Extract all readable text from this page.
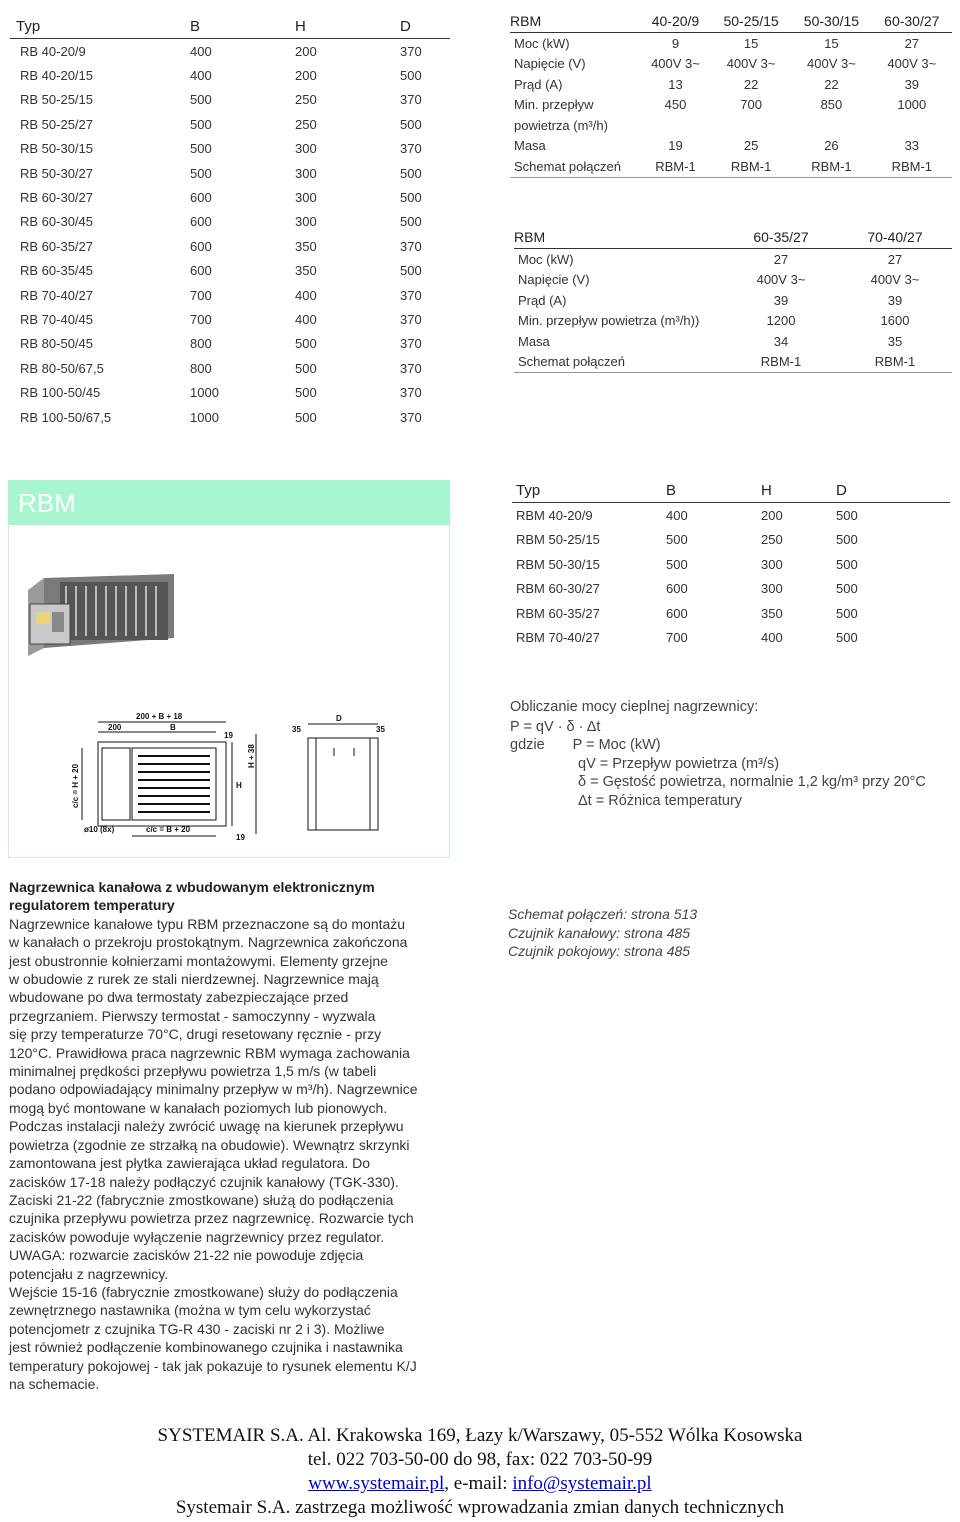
Typ	B	H	D
RB 40-20/9	400	200	370
RB 40-20/15	400	200	500
RB 50-25/15	500	250	370
RB 50-25/27	500	250	500
RB 50-30/15	500	300	370
RB 50-30/27	500	300	500
RB 60-30/27	600	300	500
RB 60-30/45	600	300	500
RB 60-35/27	600	350	370
RB 60-35/45	600	350	500
RB 70-40/27	700	400	370
RB 70-40/45	700	400	370
RB 80-50/45	800	500	370
RB 80-50/67,5	800	500	370
RB 100-50/45	1000	500	370
RB 100-50/67,5	1000	500	370
RBM	40-20/9	50-25/15	50-30/15	60-30/27
Moc (kW)	9	15	15	27
Napięcie (V)	400V 3~	400V 3~	400V 3~	400V 3~
Prąd (A)	13	22	22	39
Min. przepływ	450	700	850	1000
powietrza (m³/h)				
Masa	19	25	26	33
Schemat połączeń	RBM-1	RBM-1	RBM-1	RBM-1
RBM	60-35/27	70-40/27
Moc (kW)	27	27
Napięcie (V)	400V 3~	400V 3~
Prąd (A)	39	39
Min. przepływ powietrza (m³/h))	1200	1600
Masa	34	35
Schemat połączeń	RBM-1	RBM-1
RBM
200 + B + 18
200	B
19
H
H + 38
19
c/c = H + 20
c/c = B + 20
ø10 (8x)
D
35	35
Typ	B	H	D
RBM 40-20/9	400	200	500
RBM 50-25/15	500	250	500
RBM 50-30/15	500	300	500
RBM 60-30/27	600	300	500
RBM 60-35/27	600	350	500
RBM 70-40/27	700	400	500
Obliczanie mocy cieplnej nagrzewnicy:
P = qV · δ · Δt
gdzie P = Moc (kW)
qV = Przepływ powietrza (m³/s)
δ = Gęstość powietrza, normalnie 1,2 kg/m³ przy 20°C
Δt = Różnica temperatury
Nagrzewnica kanałowa z wbudowanym elektronicznym
regulatorem temperatury
Nagrzewnice kanałowe typu RBM przeznaczone są do montażu
w kanałach o przekroju prostokątnym. Nagrzewnica zakończona
jest obustronnie kołnierzami montażowymi. Elementy grzejne
w obudowie z rurek ze stali nierdzewnej. Nagrzewnice mają
wbudowane po dwa termostaty zabezpieczające przed
przegrzaniem. Pierwszy termostat - samoczynny - wyzwala
się przy temperaturze 70°C, drugi resetowany ręcznie - przy
120°C. Prawidłowa praca nagrzewnic RBM wymaga zachowania
minimalnej prędkości przepływu powietrza 1,5 m/s (w tabeli
podano odpowiadający minimalny przepływ w m³/h). Nagrzewnice
mogą być montowane w kanałach poziomych lub pionowych.
Podczas instalacji należy zwrócić uwagę na kierunek przepływu
powietrza (zgodnie ze strzałką na obudowie). Wewnątrz skrzynki
zamontowana jest płytka zawierająca układ regulatora. Do
zacisków 17-18 należy podłączyć czujnik kanałowy (TGK-330).
Zaciski 21-22 (fabrycznie zmostkowane) służą do podłączenia
czujnika przepływu powietrza przez nagrzewnicę. Rozwarcie tych
zacisków powoduje wyłączenie nagrzewnicy przez regulator.
UWAGA: rozwarcie zacisków 21-22 nie powoduje zdjęcia
potencjału z nagrzewnicy.
Wejście 15-16 (fabrycznie zmostkowane) służy do podłączenia
zewnętrznego nastawnika (można w tym celu wykorzystać
potencjometr z czujnika TG-R 430 - zaciski nr 2 i 3). Możliwe
jest również podłączenie kombinowanego czujnika i nastawnika
temperatury pokojowej - tak jak pokazuje to rysunek elementu K/J
na schemacie.
Schemat połączeń: strona 513
Czujnik kanałowy: strona 485
Czujnik pokojowy: strona 485
SYSTEMAIR S.A. Al. Krakowska 169, Łazy k/Warszawy, 05-552 Wólka Kosowska
tel. 022 703-50-00 do 98, fax: 022 703-50-99
www.systemair.pl, e-mail: info@systemair.pl
Systemair S.A. zastrzega możliwość wprowadzania zmian danych technicznych
